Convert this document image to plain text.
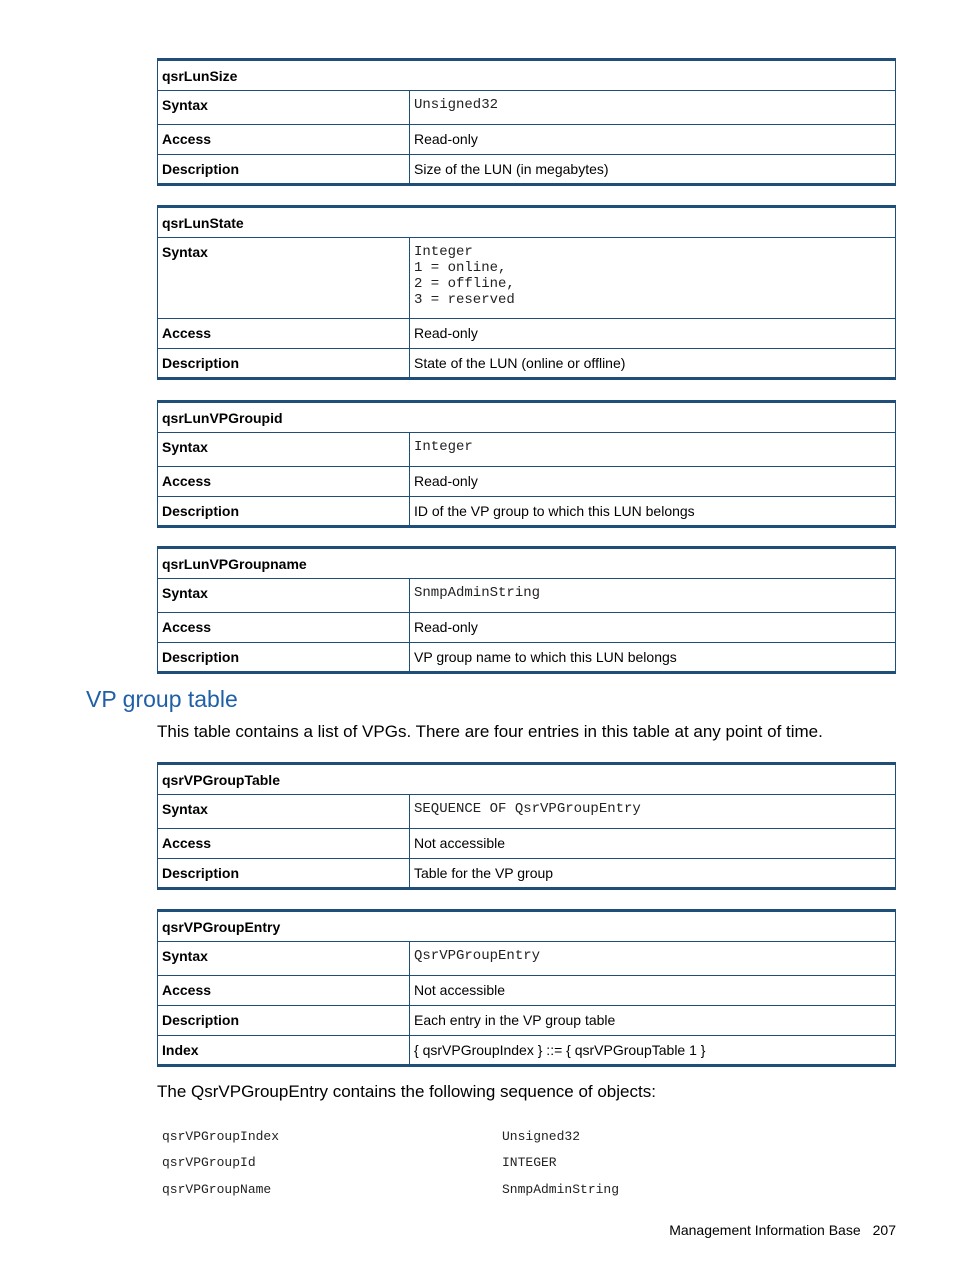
qsrLunSize	
Syntax	Unsigned32
Access	Read-only
Description	Size of the LUN (in megabytes)
qsrLunState	
Syntax	Integer
1 = online,
2 = offline,
3 = reserved
Access	Read-only
Description	State of the LUN (online or offline)
qsrLunVPGroupid	
Syntax	Integer
Access	Read-only
Description	ID of the VP group to which this LUN belongs
qsrLunVPGroupname	
Syntax	SnmpAdminString
Access	Read-only
Description	VP group name to which this LUN belongs
VP group table

This table contains a list of VPGs. There are four entries in this table at any point of time.

qsrVPGroupTable	
Syntax	SEQUENCE OF QsrVPGroupEntry
Access	Not accessible
Description	Table for the VP group
qsrVPGroupEntry	
Syntax	QsrVPGroupEntry
Access	Not accessible
Description	Each entry in the VP group table
Index	{ qsrVPGroupIndex } ::= { qsrVPGroupTable 1 }

The QsrVPGroupEntry contains the following sequence of objects:

qsrVPGroupIndex	Unsigned32
qsrVPGroupId	INTEGER
qsrVPGroupName	SnmpAdminString
Management Information Base 207
